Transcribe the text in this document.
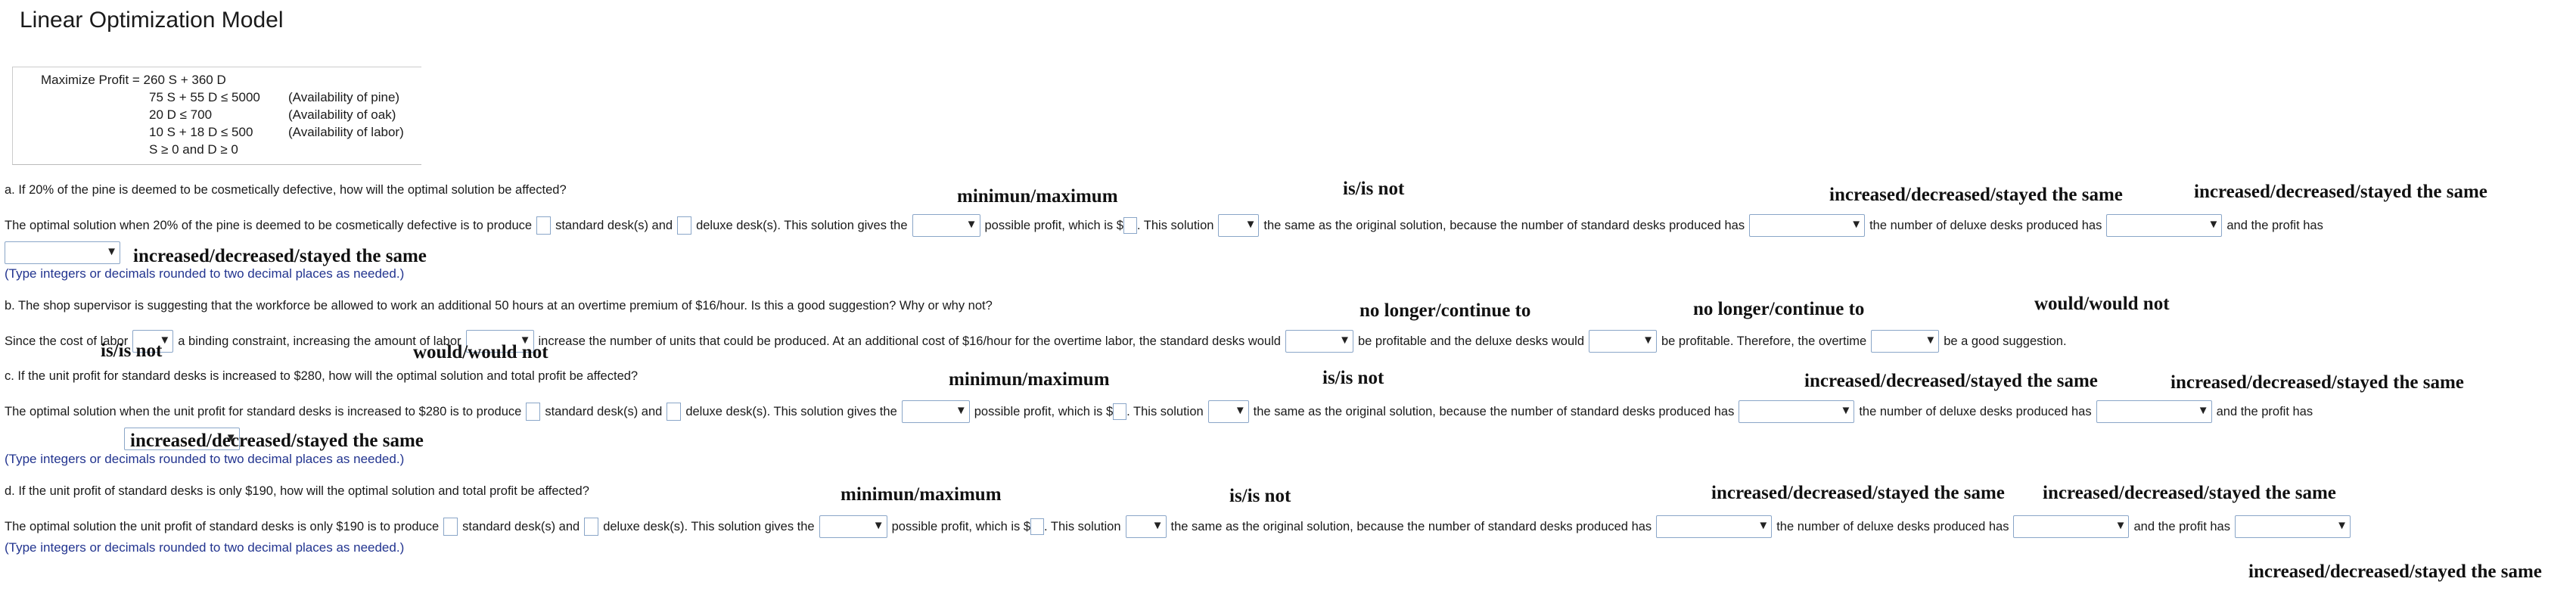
Linear Optimization Model
Maximize Profit = 260 S + 360 D
75 S + 55 D ≤ 5000 (Availability of pine)
20 D ≤ 700	(Availability of oak)
10 S + 18 D ≤ 500	(Availability of labor)
S ≥ 0 and D ≥ 0
a. If 20% of the pine is deemed to be cosmetically defective, how will the optimal solution be affected?	minimun/maximum	is/is not	increased/decreased/stayed the same	increased/decreased/stayed the same
The optimal solution when 20% of the pine is deemed to be cosmetically defective is to produce standard desk(s) and deluxe desk(s). This solution gives the ▼	possible profit, which is $ . This solution ▼	the same as the original solution, because the number of standard desks produced has ▼	the number of deluxe desks produced has ▼	and the profit has
▼
increased/decreased/stayed the same
(Type integers or decimals rounded to two decimal places as needed.)
b. The shop supervisor is suggesting that the workforce be allowed to work an additional 50 hours at an overtime premium of $16/hour. Is this a good suggestion? Why or why not?	no longer/continue to	no longer/continue to	would/would not
Since the cost of labor ▼	a binding constraint, increasing the amount of labor ▼	increase the number of units that could be produced. At an additional cost of $16/hour for the overtime labor, the standard desks would ▼	be profitable and the deluxe desks would ▼	be profitable. Therefore, the overtime ▼	be a good suggestion.
is/is not	would/would not
c. If the unit profit for standard desks is increased to $280, how will the optimal solution and total profit be affected?	minimun/maximum	is/is not	increased/decreased/stayed the same	increased/decreased/stayed the same
The optimal solution when the unit profit for standard desks is increased to $280 is to produce standard desk(s) and deluxe desk(s). This solution gives the ▼	possible profit, which is $ . This solution ▼	the same as the original solution, because the number of standard desks produced has ▼	the number of deluxe desks produced has ▼	and the profit has
▼
increased/decreased/stayed the same
(Type integers or decimals rounded to two decimal places as needed.)
d. If the unit profit of standard desks is only $190, how will the optimal solution and total profit be affected?	minimun/maximum	is/is not	increased/decreased/stayed the same increased/decreased/stayed the same
The optimal solution the unit profit of standard desks is only $190 is to produce standard desk(s) and deluxe desk(s). This solution gives the ▼	possible profit, which is $ . This solution ▼	the same as the original solution, because the number of standard desks produced has ▼	the number of deluxe desks produced has ▼	and the profit has
▼
(Type integers or decimals rounded to two decimal places as needed.)
increased/decreased/stayed the same
